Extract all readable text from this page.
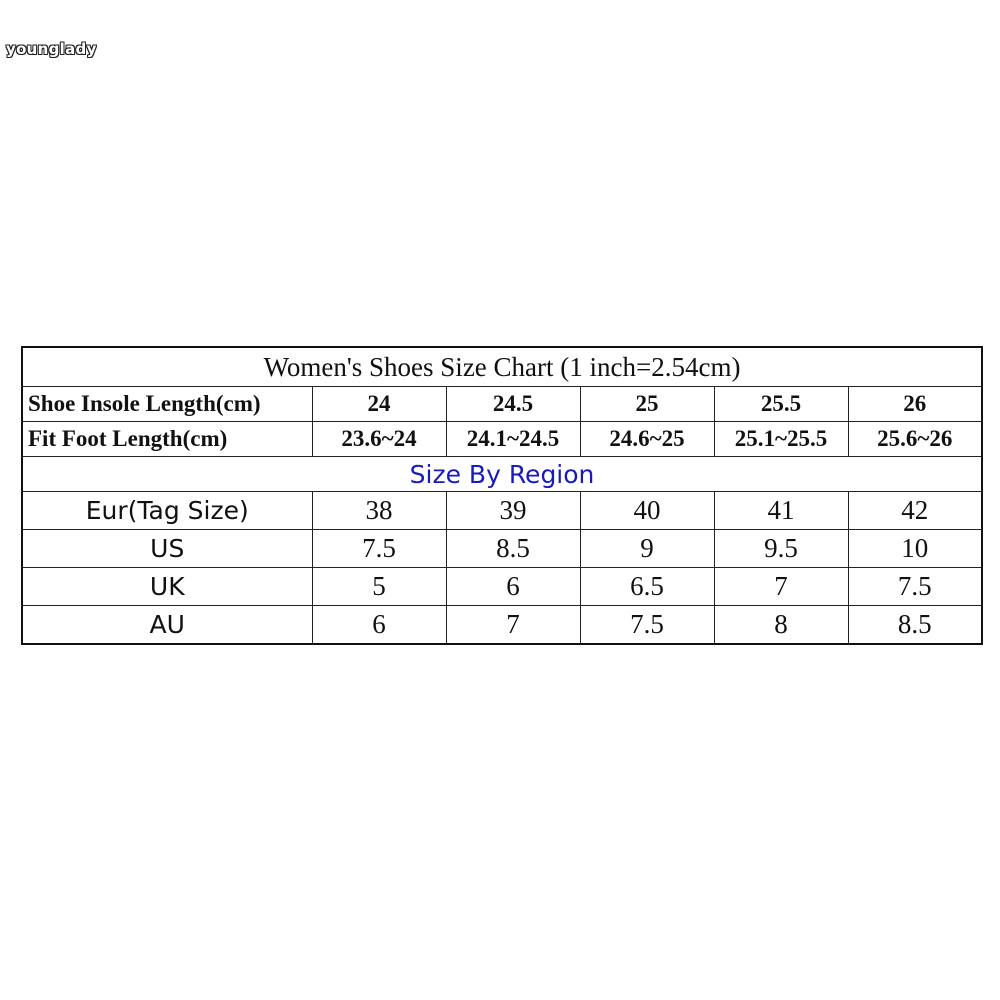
younglady
Women's Shoes Size Chart (1 inch=2.54cm)					
Shoe Insole Length(cm)	24	24.5	25	25.5	26
Fit Foot Length(cm)	23.6~24	24.1~24.5	24.6~25	25.1~25.5	25.6~26
Size By Region					
Eur(Tag Size)	38	39	40	41	42
US	7.5	8.5	9	9.5	10
UK	5	6	6.5	7	7.5
AU	6	7	7.5	8	8.5
